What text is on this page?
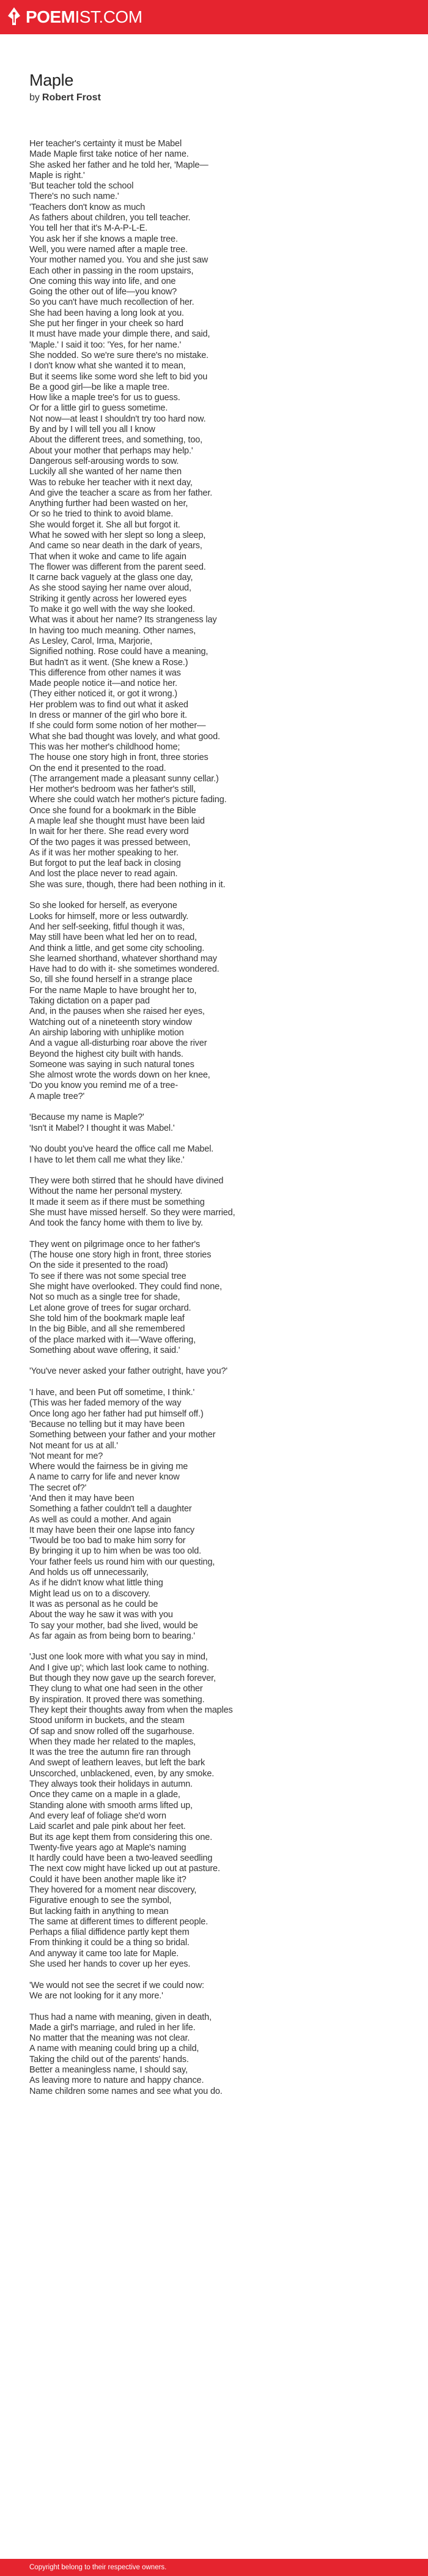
POEM IST.COM
Maple
by Robert Frost
Her teacher's certainty it must be Mabel
Made Maple first take notice of her name.
She asked her father and he told her, 'Maple—
Maple is right.'
'But teacher told the school
There's no such name.'
'Teachers don't know as much
As fathers about children, you tell teacher.
You tell her that it's M-A-P-L-E.
You ask her if she knows a maple tree.
Well, you were named after a maple tree.
Your mother named you. You and she just saw
Each other in passing in the room upstairs,
One coming this way into life, and one
Going the other out of life—you know?
So you can't have much recollection of her.
She had been having a long look at you.
She put her finger in your cheek so hard
It must have made your dimple there, and said,
'Maple.' I said it too: 'Yes, for her name.'
She nodded. So we're sure there's no mistake.
I don't know what she wanted it to mean,
But it seems like some word she left to bid you
Be a good girl—be like a maple tree.
How like a maple tree's for us to guess.
Or for a little girl to guess sometime.
Not now—at least I shouldn't try too hard now.
By and by I will tell you all I know
About the different trees, and something, too,
About your mother that perhaps may help.'
Dangerous self-arousing words to sow.
Luckily all she wanted of her name then
Was to rebuke her teacher with it next day,
And give the teacher a scare as from her father.
Anything further had been wasted on her,
Or so he tried to think to avoid blame.
She would forget it. She all but forgot it.
What he sowed with her slept so long a sleep,
And came so near death in the dark of years,
That when it woke and came to life again
The flower was different from the parent seed.
It carne back vaguely at the glass one day,
As she stood saying her name over aloud,
Striking it gently across her lowered eyes
To make it go well with the way she looked.
What was it about her name? Its strangeness lay
In having too much meaning. Other names,
As Lesley, Carol, Irma, Marjorie,
Signified nothing. Rose could have a meaning,
But hadn't as it went. (She knew a Rose.)
This difference from other names it was
Made people notice it—and notice her.
(They either noticed it, or got it wrong.)
Her problem was to find out what it asked
In dress or manner of the girl who bore it.
If she could form some notion of her mother—
What she bad thought was lovely, and what good.
This was her mother's childhood home;
The house one story high in front, three stories
On the end it presented to the road.
(The arrangement made a pleasant sunny cellar.)
Her mother's bedroom was her father's still,
Where she could watch her mother's picture fading.
Once she found for a bookmark in the Bible
A maple leaf she thought must have been laid
In wait for her there. She read every word
Of the two pages it was pressed between,
As if it was her mother speaking to her.
But forgot to put the leaf back in closing
And lost the place never to read again.
She was sure, though, there had been nothing in it.

So she looked for herself, as everyone
Looks for himself, more or less outwardly.
And her self-seeking, fitful though it was,
May still have been what led her on to read,
And think a little, and get some city schooling.
She learned shorthand, whatever shorthand may
Have had to do with it- she sometimes wondered.
So, till she found herself in a strange place
For the name Maple to have brought her to,
Taking dictation on a paper pad
And, in the pauses when she raised her eyes,
Watching out of a nineteenth story window
An airship laboring with unhiplike motion
And a vague all-disturbing roar above the river
Beyond the highest city built with hands.
Someone was saying in such natural tones
She almost wrote the words down on her knee,
'Do you know you remind me of a tree-
A maple tree?'

'Because my name is Maple?'
'Isn't it Mabel? I thought it was Mabel.'

'No doubt you've heard the office call me Mabel.
I have to let them call me what they like.'

They were both stirred that he should have divined
Without the name her personal mystery.
It made it seem as if there must be something
She must have missed herself. So they were married,
And took the fancy home with them to live by.

They went on pilgrimage once to her father's
(The house one story high in front, three stories
On the side it presented to the road)
To see if there was not some special tree
She might have overlooked. They could find none,
Not so much as a single tree for shade,
Let alone grove of trees for sugar orchard.
She told him of the bookmark maple leaf
In the big Bible, and all she remembered
of the place marked with it—'Wave offering,
Something about wave offering, it said.'

'You've never asked your father outright, have you?'

'I have, and been Put off sometime, I think.'
(This was her faded memory of the way
Once long ago her father had put himself off.)
'Because no telling but it may have been
Something between your father and your mother
Not meant for us at all.'
'Not meant for me?
Where would the fairness be in giving me
A name to carry for life and never know
The secret of?'
'And then it may have been
Something a father couldn't tell a daughter
As well as could a mother. And again
It may have been their one lapse into fancy
'Twould be too bad to make him sorry for
By bringing it up to him when be was too old.
Your father feels us round him with our questing,
And holds us off unnecessarily,
As if he didn't know what little thing
Might lead us on to a discovery.
It was as personal as he could be
About the way he saw it was with you
To say your mother, bad she lived, would be
As far again as from being born to bearing.'

'Just one look more with what you say in mind,
And I give up'; which last look came to nothing.
But though they now gave up the search forever,
They clung to what one had seen in the other
By inspiration. It proved there was something.
They kept their thoughts away from when the maples
Stood uniform in buckets, and the steam
Of sap and snow rolled off the sugarhouse.
When they made her related to the maples,
It was the tree the autumn fire ran through
And swept of leathern leaves, but left the bark
Unscorched, unblackened, even, by any smoke.
They always took their holidays in autumn.
Once they came on a maple in a glade,
Standing alone with smooth arms lifted up,
And every leaf of foliage she'd worn
Laid scarlet and pale pink about her feet.
But its age kept them from considering this one.
Twenty-five years ago at Maple's naming
It hardly could have been a two-leaved seedling
The next cow might have licked up out at pasture.
Could it have been another maple like it?
They hovered for a moment near discovery,
Figurative enough to see the symbol,
But lacking faith in anything to mean
The same at different times to different people.
Perhaps a filial diffidence partly kept them
From thinking it could be a thing so bridal.
And anyway it came too late for Maple.
She used her hands to cover up her eyes.

'We would not see the secret if we could now:
We are not looking for it any more.'

Thus had a name with meaning, given in death,
Made a girl's marriage, and ruled in her life.
No matter that the meaning was not clear.
A name with meaning could bring up a child,
Taking the child out of the parents' hands.
Better a meaningless name, I should say,
As leaving more to nature and happy chance.
Name children some names and see what you do.
Copyright belong to their respective owners.
